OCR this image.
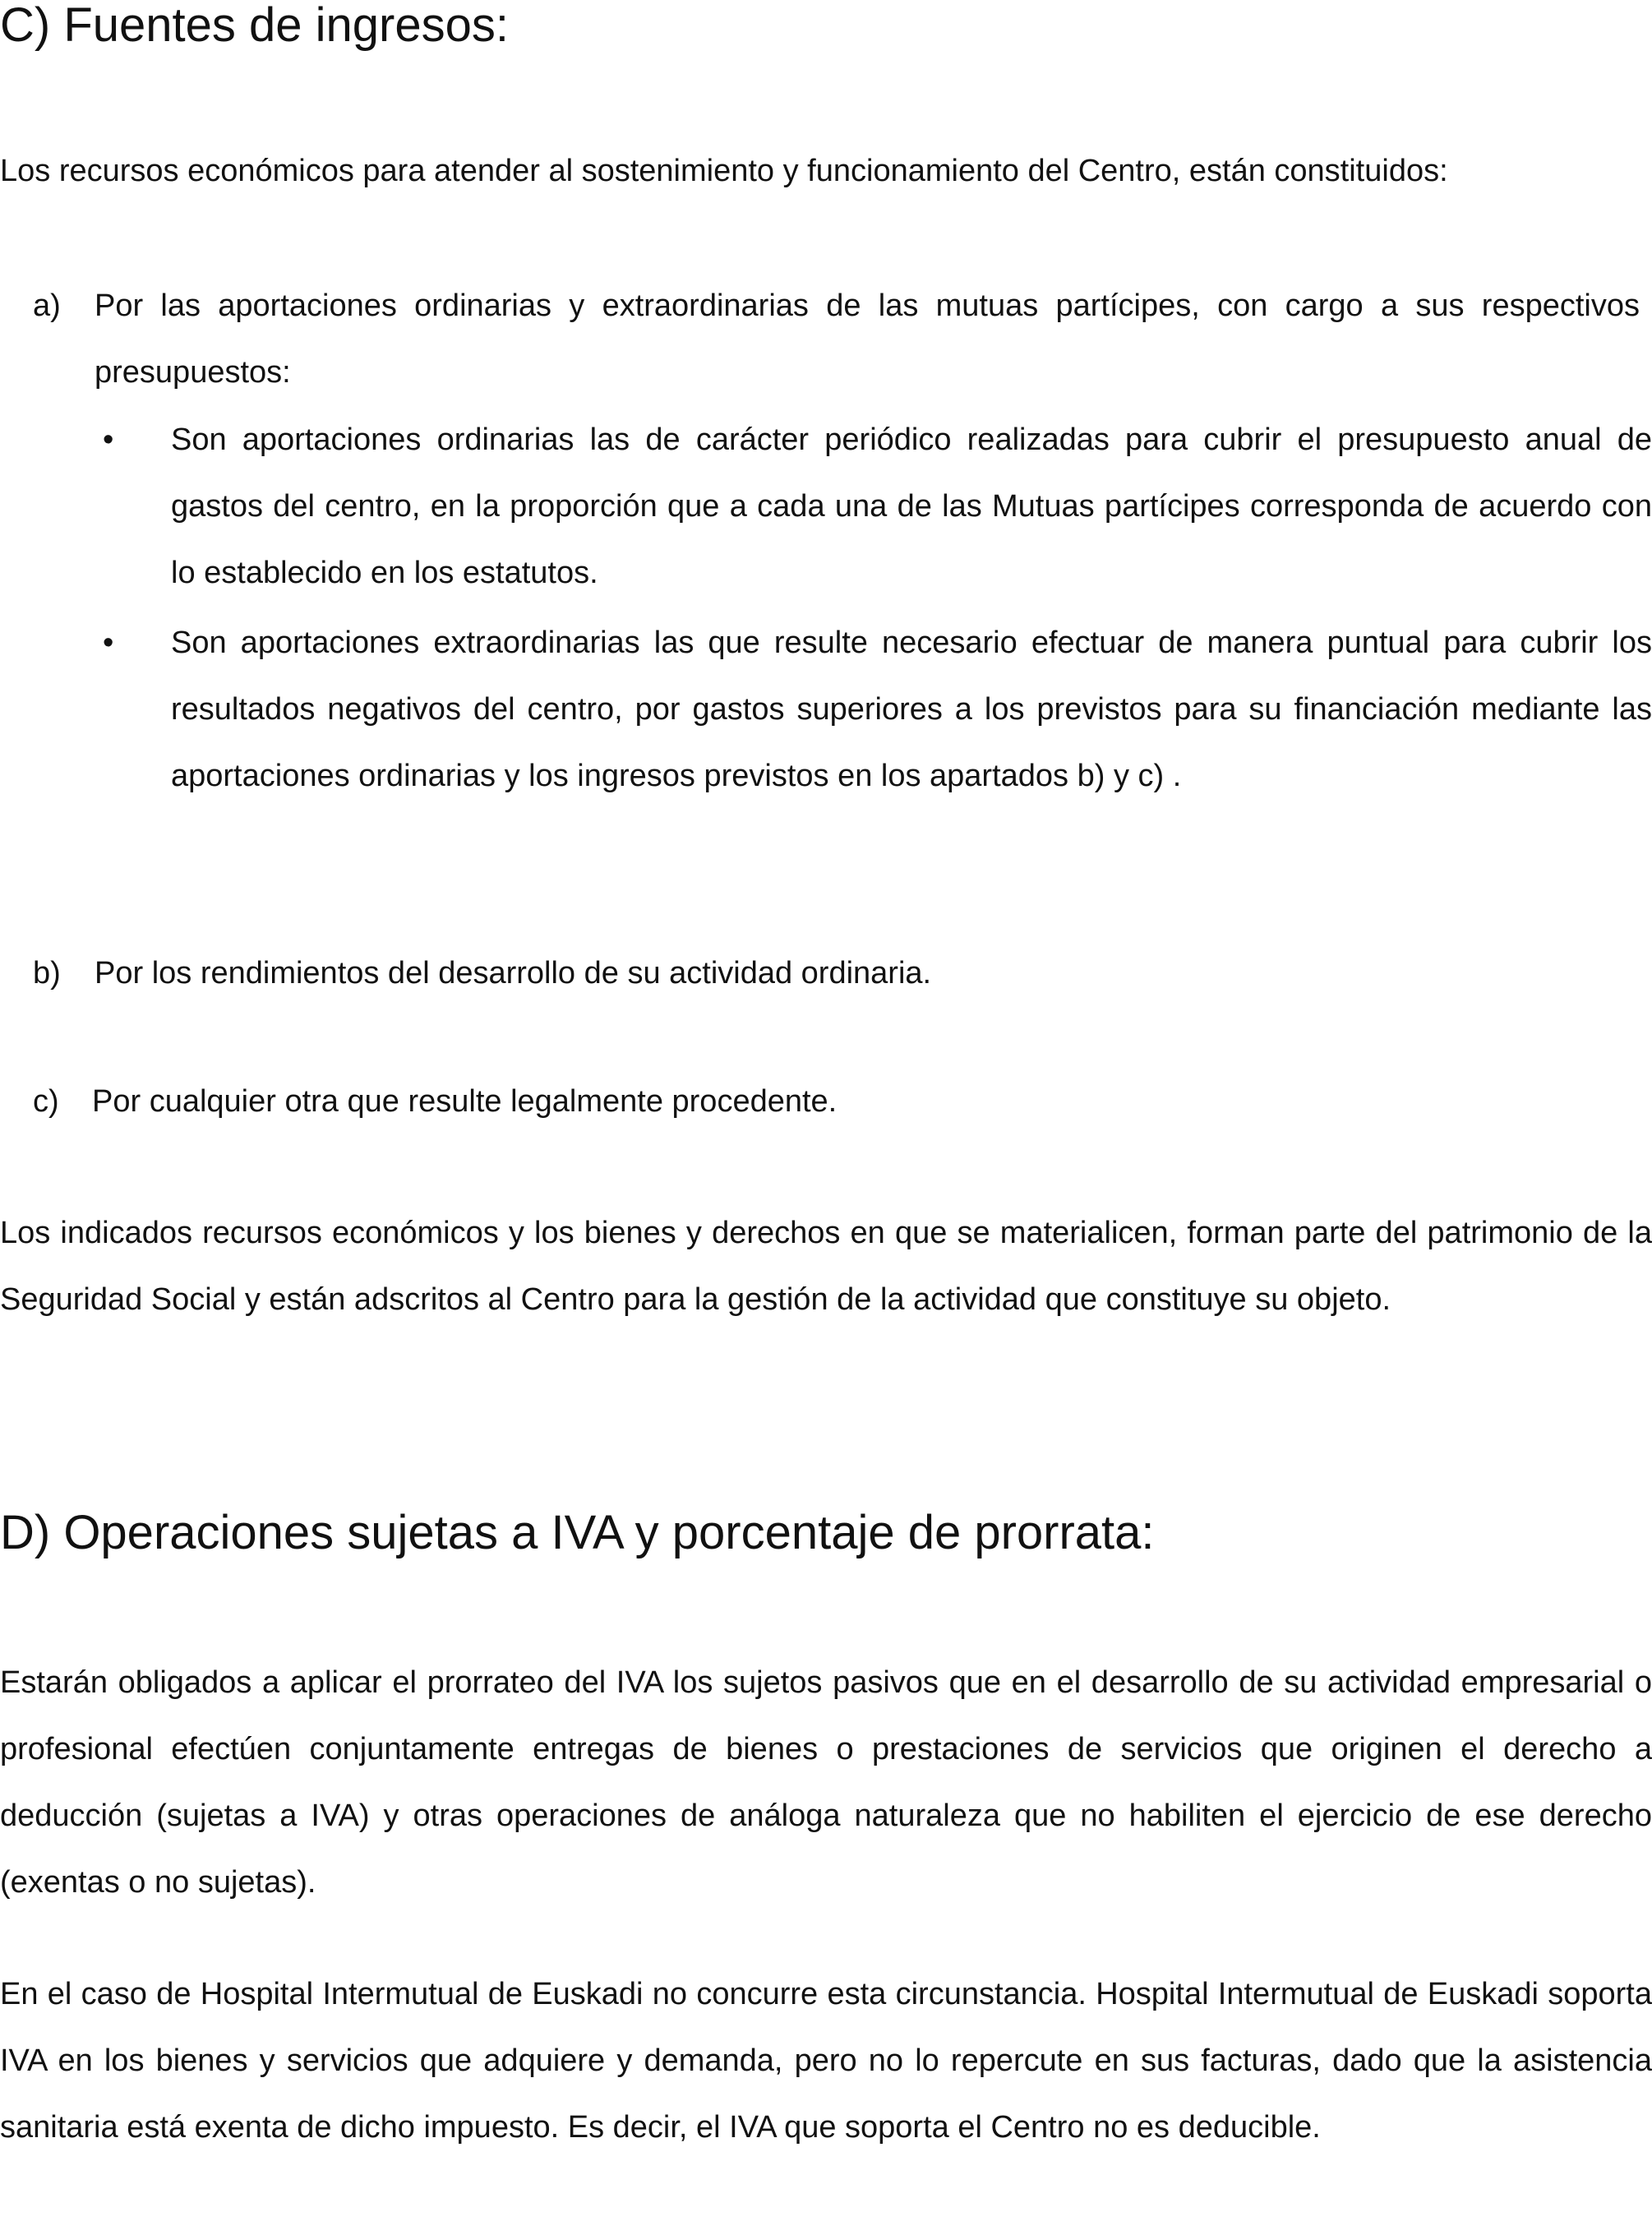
C) Fuentes de ingresos:

Los recursos económicos para atender al sostenimiento y funcionamiento del Centro, están constituidos:

a) Por las aportaciones ordinarias y extraordinarias de las mutuas partícipes, con cargo a sus respectivos presupuestos:

• Son aportaciones ordinarias las de carácter periódico realizadas para cubrir el presupuesto anual de gastos del centro, en la proporción que a cada una de las Mutuas partícipes corresponda de acuerdo con lo establecido en los estatutos.

• Son aportaciones extraordinarias las que resulte necesario efectuar de manera puntual para cubrir los resultados negativos del centro, por gastos superiores a los previstos para su financiación mediante las aportaciones ordinarias y los ingresos previstos en los apartados b) y c) .

b) Por los rendimientos del desarrollo de su actividad ordinaria.

c) Por cualquier otra que resulte legalmente procedente.

Los indicados recursos económicos y los bienes y derechos en que se materialicen, forman parte del patrimonio de la Seguridad Social y están adscritos al Centro para la gestión de la actividad que constituye su objeto.

D) Operaciones sujetas a IVA y porcentaje de prorrata:

Estarán obligados a aplicar el prorrateo del IVA los sujetos pasivos que en el desarrollo de su actividad empresarial o profesional efectúen conjuntamente entregas de bienes o prestaciones de servicios que originen el derecho a deducción (sujetas a IVA) y otras operaciones de análoga naturaleza que no habiliten el ejercicio de ese derecho (exentas o no sujetas).

En el caso de Hospital Intermutual de Euskadi no concurre esta circunstancia. Hospital Intermutual de Euskadi soporta IVA en los bienes y servicios que adquiere y demanda, pero no lo repercute en sus facturas, dado que la asistencia sanitaria está exenta de dicho impuesto. Es decir, el IVA que soporta el Centro no es deducible.
